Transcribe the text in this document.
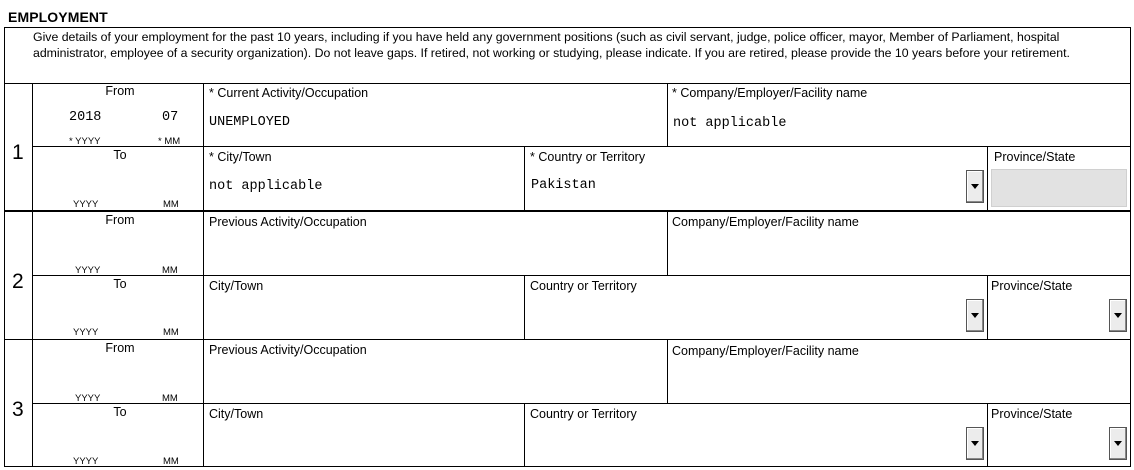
EMPLOYMENT
Give details of your employment for the past 10 years, including if you have held any government positions (such as civil servant, judge, police officer, mayor, Member of Parliament, hospital administrator, employee of a security organization). Do not leave gaps. If retired, not working or studying, please indicate. If you are retired, please provide the 10 years before your retirement.
1
From
2018	07
* YYYY	* MM
To
YYYY	MM
* Current Activity/Occupation
UNEMPLOYED
* Company/Employer/Facility name
not applicable
* City/Town
not applicable
* Country or Territory
Pakistan
Province/State
2
From
YYYY	MM
To
YYYY	MM
Previous Activity/Occupation	Company/Employer/Facility name
City/Town	Country or Territory	Province/State
3
From
YYYY	MM
To
YYYY	MM
Previous Activity/Occupation	Company/Employer/Facility name
City/Town	Country or Territory	Province/State
